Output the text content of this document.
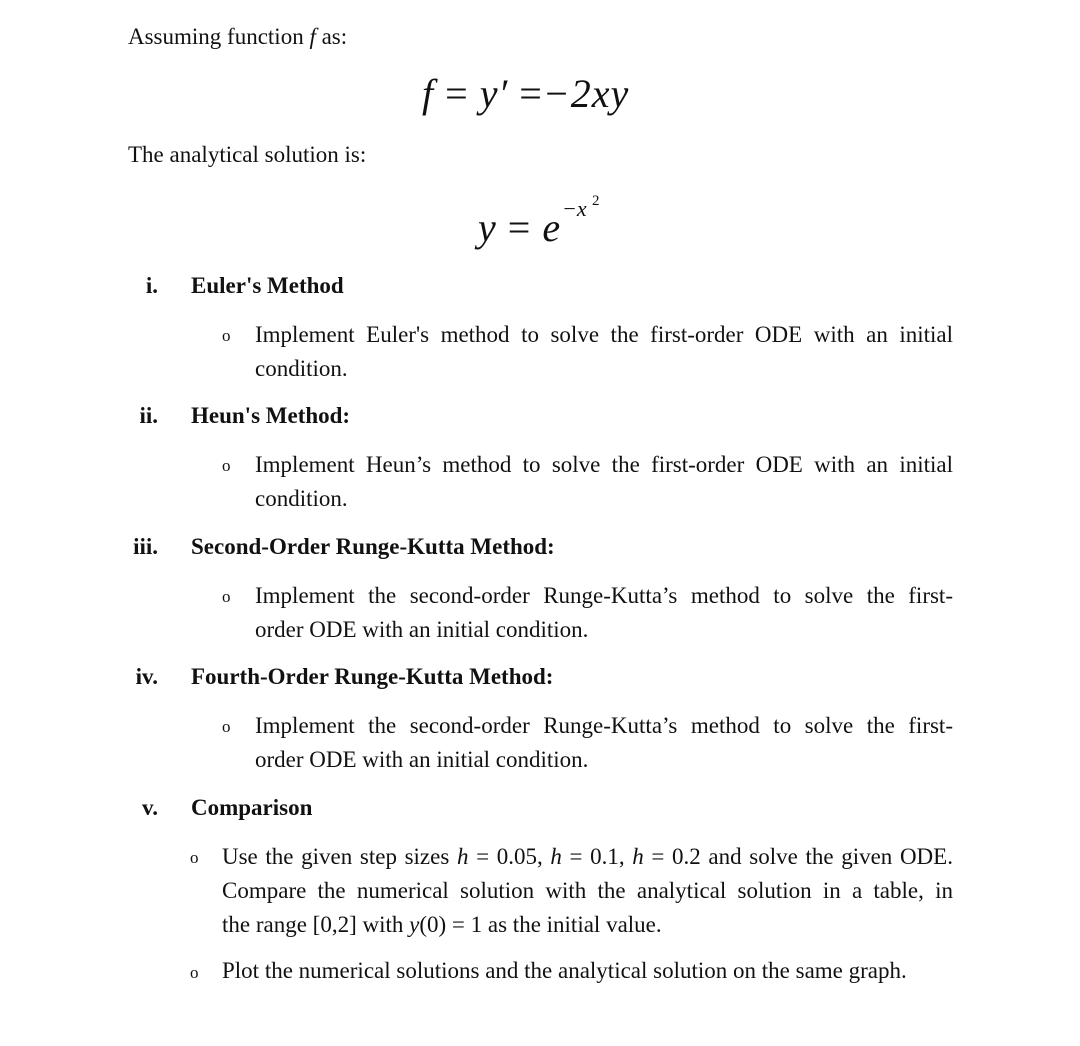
Assuming function f as:
f = y′ =−2xy
The analytical solution is:
y = e −x 2
i. Euler's Method
o Implement Euler's method to solve the first-order ODE with an initial
condition.
ii. Heun's Method:
o Implement Heun’s method to solve the first-order ODE with an initial
condition.
iii. Second-Order Runge-Kutta Method:
o Implement the second-order Runge-Kutta’s method to solve the first-
order ODE with an initial condition.
iv. Fourth-Order Runge-Kutta Method:
o Implement the second-order Runge-Kutta’s method to solve the first-
order ODE with an initial condition.
v. Comparison
o Use the given step sizes h = 0.05, h = 0.1, h = 0.2 and solve the given ODE.
Compare the numerical solution with the analytical solution in a table, in
the range [0,2] with y(0) = 1 as the initial value.
o Plot the numerical solutions and the analytical solution on the same graph.
